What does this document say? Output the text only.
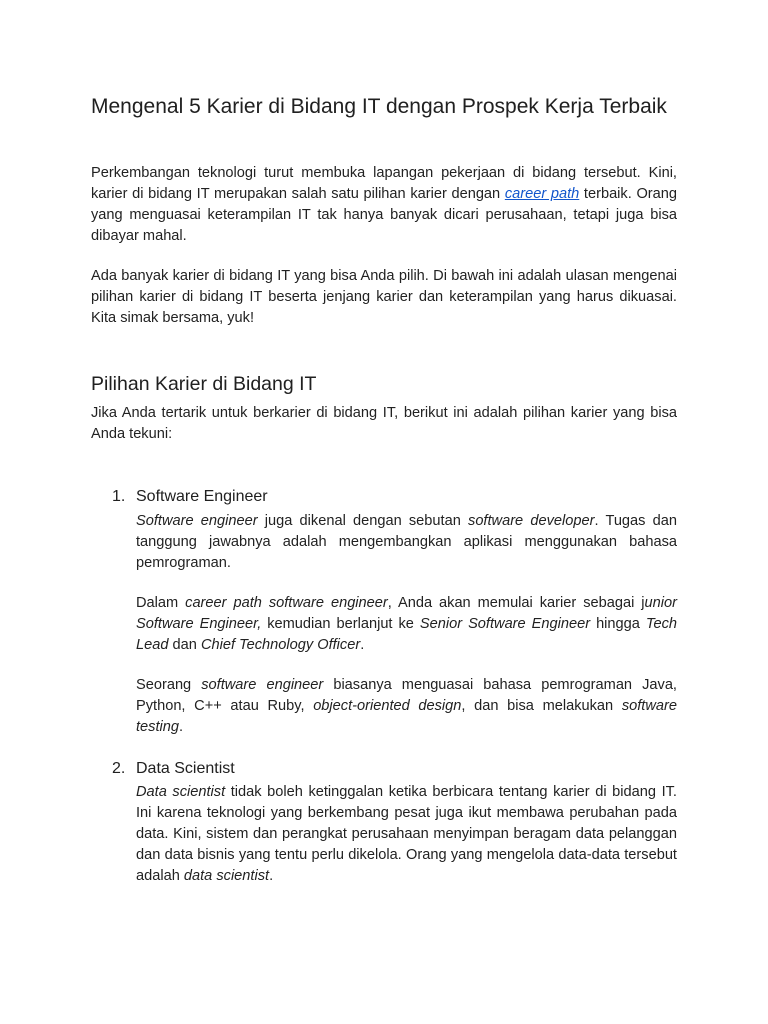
Mengenal 5 Karier di Bidang IT dengan Prospek Kerja Terbaik

Perkembangan teknologi turut membuka lapangan pekerjaan di bidang tersebut. Kini, karier di bidang IT merupakan salah satu pilihan karier dengan career path terbaik. Orang yang menguasai keterampilan IT tak hanya banyak dicari perusahaan, tetapi juga bisa dibayar mahal.

Ada banyak karier di bidang IT yang bisa Anda pilih. Di bawah ini adalah ulasan mengenai pilihan karier di bidang IT beserta jenjang karier dan keterampilan yang harus dikuasai. Kita simak bersama, yuk!

Pilihan Karier di Bidang IT

Jika Anda tertarik untuk berkarier di bidang IT, berikut ini adalah pilihan karier yang bisa Anda tekuni:

1. Software Engineer

Software engineer juga dikenal dengan sebutan software developer. Tugas dan tanggung jawabnya adalah mengembangkan aplikasi menggunakan bahasa pemrograman.

Dalam career path software engineer, Anda akan memulai karier sebagai junior Software Engineer, kemudian berlanjut ke Senior Software Engineer hingga Tech Lead dan Chief Technology Officer.

Seorang software engineer biasanya menguasai bahasa pemrograman Java, Python, C++ atau Ruby, object-oriented design, dan bisa melakukan software testing.

2. Data Scientist

Data scientist tidak boleh ketinggalan ketika berbicara tentang karier di bidang IT. Ini karena teknologi yang berkembang pesat juga ikut membawa perubahan pada data. Kini, sistem dan perangkat perusahaan menyimpan beragam data pelanggan dan data bisnis yang tentu perlu dikelola. Orang yang mengelola data-data tersebut adalah data scientist.
